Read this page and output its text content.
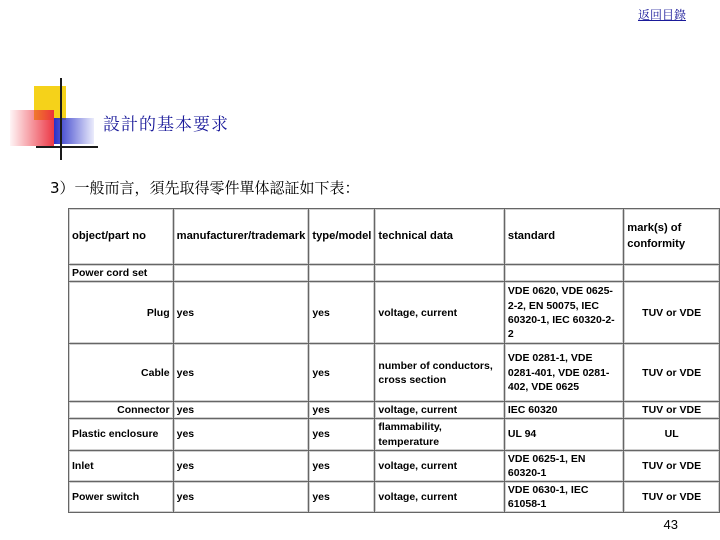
返回目錄
設計的基本要求
3）一般而言，須先取得零件單体認証如下表：
object/part no	manufacturer/trademark	type/model	technical data	standard	mark(s) of conformity
Power cord set					
Plug	yes	yes	voltage, current	VDE 0620, VDE 0625-2-2, EN 50075, IEC 60320-1, IEC 60320-2-2	TUV or VDE
Cable	yes	yes	number of conductors, cross section	VDE 0281-1, VDE 0281-401, VDE 0281-402, VDE 0625	TUV or VDE
Connector	yes	yes	voltage, current	IEC 60320	TUV or VDE
Plastic enclosure	yes	yes	flammability, temperature	UL 94	UL
Inlet	yes	yes	voltage, current	VDE 0625-1, EN 60320-1	TUV or VDE
Power switch	yes	yes	voltage, current	VDE 0630-1, IEC 61058-1	TUV or VDE
43
